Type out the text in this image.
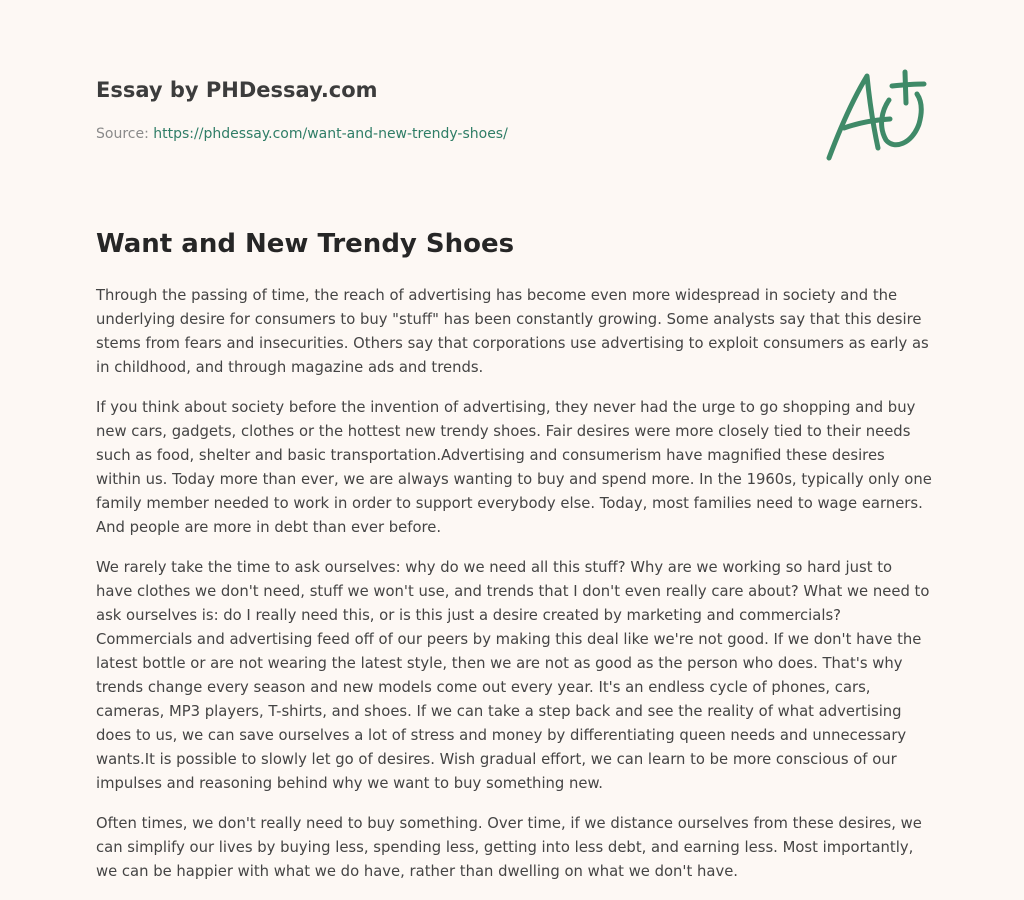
Essay by PHDessay.com
Source: https://phdessay.com/want-and-new-trendy-shoes/
Want and New Trendy Shoes

Through the passing of time, the reach of advertising has become even more widespread in society and the underlying desire for consumers to buy "stuff" has been constantly growing. Some analysts say that this desire stems from fears and insecurities. Others say that corporations use advertising to exploit consumers as early as in childhood, and through magazine ads and trends.

If you think about society before the invention of advertising, they never had the urge to go shopping and buy new cars, gadgets, clothes or the hottest new trendy shoes. Fair desires were more closely tied to their needs such as food, shelter and basic transportation.Advertising and consumerism have magnified these desires within us. Today more than ever, we are always wanting to buy and spend more. In the 1960s, typically only one family member needed to work in order to support everybody else. Today, most families need to wage earners. And people are more in debt than ever before.

We rarely take the time to ask ourselves: why do we need all this stuff? Why are we working so hard just to have clothes we don't need, stuff we won't use, and trends that I don't even really care about? What we need to ask ourselves is: do I really need this, or is this just a desire created by marketing and commercials?Commercials and advertising feed off of our peers by making this deal like we're not good. If we don't have the latest bottle or are not wearing the latest style, then we are not as good as the person who does. That's why trends change every season and new models come out every year. It's an endless cycle of phones, cars, cameras, MP3 players, T-shirts, and shoes. If we can take a step back and see the reality of what advertising does to us, we can save ourselves a lot of stress and money by differentiating queen needs and unnecessary wants.It is possible to slowly let go of desires. Wish gradual effort, we can learn to be more conscious of our impulses and reasoning behind why we want to buy something new.

Often times, we don't really need to buy something. Over time, if we distance ourselves from these desires, we can simplify our lives by buying less, spending less, getting into less debt, and earning less. Most importantly, we can be happier with what we do have, rather than dwelling on what we don't have.
